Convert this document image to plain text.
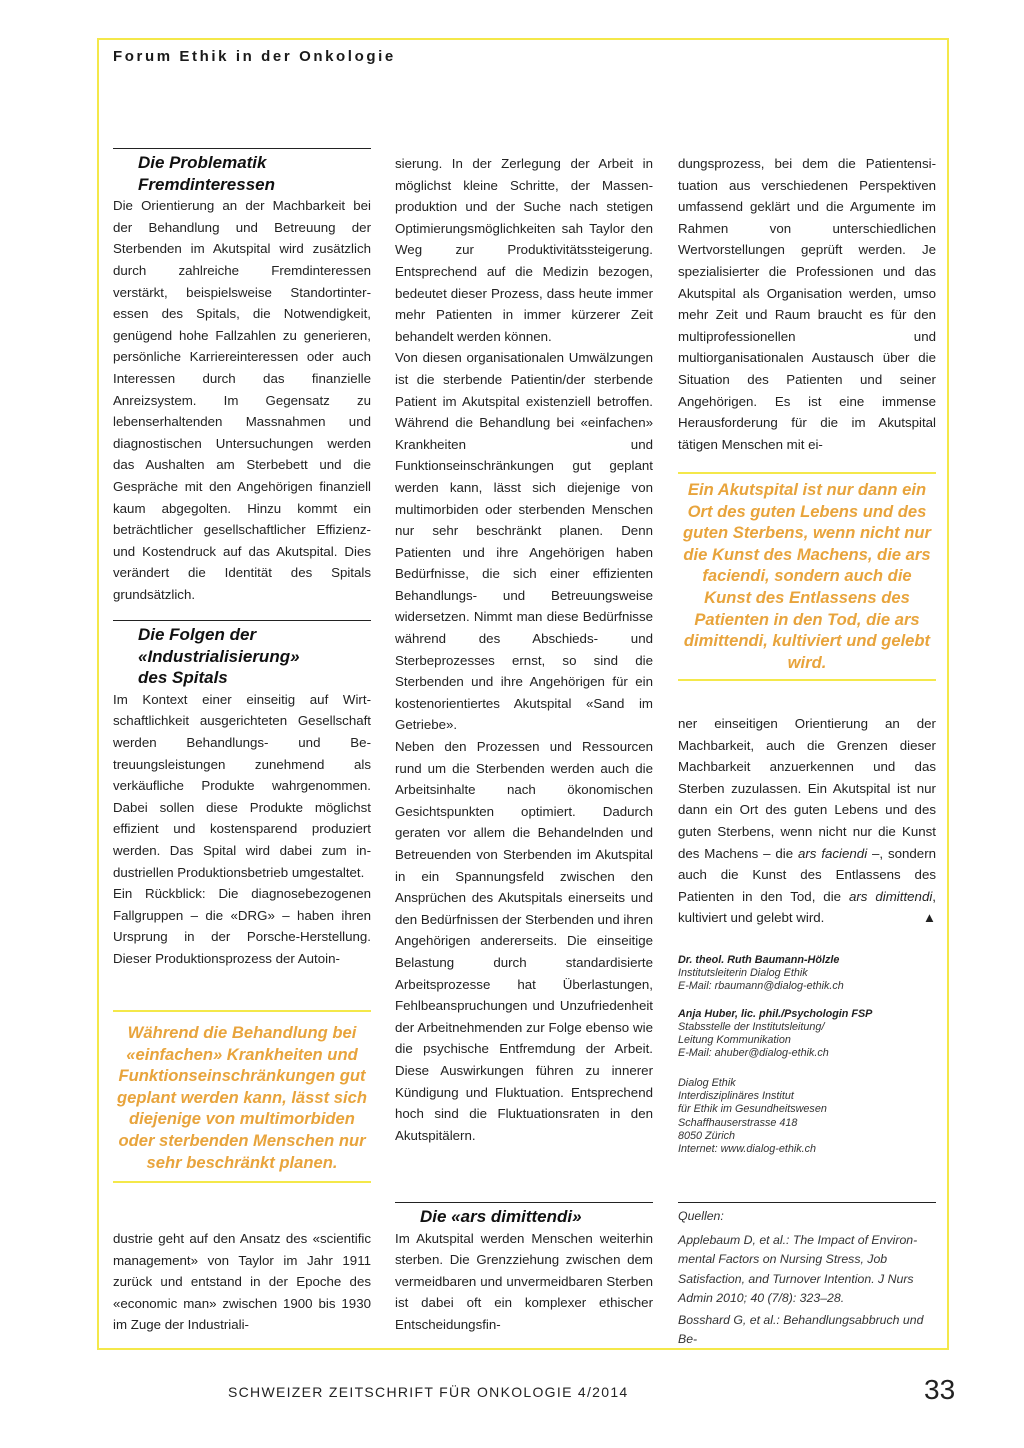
Forum Ethik in der Onkologie
Die Problematik
Fremdinteressen

Die Orientierung an der Machbarkeit bei der Behandlung und Betreuung der Sterbenden im Akutspital wird zusätzlich durch zahlreiche Fremdinteressen verstärkt, beispielsweise Standortinteressen des Spitals, die Notwendigkeit, genügend hohe Fallzahlen zu generieren, persönliche Karriereinteressen oder auch Interessen durch das finanzielle Anreizsystem. Im Gegensatz zu lebenserhaltenden Massnahmen und diagnostischen Untersuchungen werden das Aushalten am Sterbebett und die Gespräche mit den Angehörigen finanziell kaum abgegolten. Hinzu kommt ein beträchtlicher gesellschaftlicher Effizienz- und Kostendruck auf das Akutspital. Dies verändert die Identität des Spitals grundsätzlich.

Die Folgen der
«Industrialisierung»
des Spitals

Im Kontext einer einseitig auf Wirtschaftlichkeit ausgerichteten Gesellschaft werden Behandlungs- und Betreuungsleistungen zunehmend als verkäufliche Produkte wahrgenommen. Dabei sollen diese Produkte möglichst effizient und kostensparend produziert werden. Das Spital wird dabei zum industriellen Produktionsbetrieb umgestaltet.

Ein Rückblick: Die diagnosebezogenen Fallgruppen – die «DRG» – haben ihren Ursprung in der Porsche-Herstellung. Dieser Produktionsprozess der Autoin-

Während die Behandlung bei «einfachen» Krankheiten und Funktionseinschränkungen gut geplant werden kann, lässt sich diejenige von multimorbiden oder sterbenden Menschen nur sehr beschränkt planen.

dustrie geht auf den Ansatz des «scientific management» von Taylor im Jahr 1911 zurück und entstand in der Epoche des «economic man» zwischen 1900 bis 1930 im Zuge der Industriali-

sierung. In der Zerlegung der Arbeit in möglichst kleine Schritte, der Massenproduktion und der Suche nach stetigen Optimierungsmöglichkeiten sah Taylor den Weg zur Produktivitätssteigerung. Entsprechend auf die Medizin bezogen, bedeutet dieser Prozess, dass heute immer mehr Patienten in immer kürzerer Zeit behandelt werden können.

Von diesen organisationalen Umwälzungen ist die sterbende Patientin/der sterbende Patient im Akutspital existenziell betroffen. Während die Behandlung bei «einfachen» Krankheiten und Funktionseinschränkungen gut geplant werden kann, lässt sich diejenige von multimorbiden oder sterbenden Menschen nur sehr beschränkt planen. Denn Patienten und ihre Angehörigen haben Bedürfnisse, die sich einer effizienten Behandlungs- und Betreuungsweise widersetzen. Nimmt man diese Bedürfnisse während des Abschieds- und Sterbeprozesses ernst, so sind die Sterbenden und ihre Angehörigen für ein kostenorientiertes Akutspital «Sand im Getriebe».

Neben den Prozessen und Ressourcen rund um die Sterbenden werden auch die Arbeitsinhalte nach ökonomischen Gesichtspunkten optimiert. Dadurch geraten vor allem die Behandelnden und Betreuenden von Sterbenden im Akutspital in ein Spannungsfeld zwischen den Ansprüchen des Akutspitals einerseits und den Bedürfnissen der Sterbenden und ihren Angehörigen andererseits. Die einseitige Belastung durch standardisierte Arbeitsprozesse hat Überlastungen, Fehlbeanspruchungen und Unzufriedenheit der Arbeitnehmenden zur Folge ebenso wie die psychische Entfremdung der Arbeit. Diese Auswirkungen führen zu innerer Kündigung und Fluktuation. Entsprechend hoch sind die Fluktuationsraten in den Akutspitälern.

Die «ars dimittendi»

Im Akutspital werden Menschen weiterhin sterben. Die Grenzziehung zwischen dem vermeidbaren und unvermeidbaren Sterben ist dabei oft ein komplexer ethischer Entscheidungsfin-

dungsprozess, bei dem die Patientensituation aus verschiedenen Perspektiven umfassend geklärt und die Argumente im Rahmen von unterschiedlichen Wertvorstellungen geprüft werden. Je spezialisierter die Professionen und das Akutspital als Organisation werden, umso mehr Zeit und Raum braucht es für den multiprofessionellen und multiorganisationalen Austausch über die Situation des Patienten und seiner Angehörigen. Es ist eine immense Herausforderung für die im Akutspital tätigen Menschen mit ei-

Ein Akutspital ist nur dann ein Ort des guten Lebens und des guten Sterbens, wenn nicht nur die Kunst des Machens, die ars faciendi, sondern auch die Kunst des Entlassens des Patienten in den Tod, die ars dimittendi, kultiviert und gelebt wird.

ner einseitigen Orientierung an der Machbarkeit, auch die Grenzen dieser Machbarkeit anzuerkennen und das Sterben zuzulassen. Ein Akutspital ist nur dann ein Ort des guten Lebens und des guten Sterbens, wenn nicht nur die Kunst des Machens – die ars faciendi –, sondern auch die Kunst des Entlassens des Patienten in den Tod, die ars dimittendi, kultiviert und gelebt wird.	▲

Dr. theol. Ruth Baumann-Hölzle
Institutsleiterin Dialog Ethik
E-Mail: rbaumann@dialog-ethik.ch
Anja Huber, lic. phil./Psychologin FSP
Stabsstelle der Institutsleitung/
Leitung Kommunikation
E-Mail: ahuber@dialog-ethik.ch
Dialog Ethik
Interdisziplinäres Institut
für Ethik im Gesundheitswesen
Schaffhauserstrasse 418
8050 Zürich
Internet: www.dialog-ethik.ch
Quellen:
Applebaum D, et al.: The Impact of Environmental Factors on Nursing Stress, Job Satisfaction, and Turnover Intention. J Nurs Admin 2010; 40 (7/8): 323–28.
Bosshard G, et al.: Behandlungsabbruch und Be-
SCHWEIZER ZEITSCHRIFT FÜR ONKOLOGIE 4/2014	33
